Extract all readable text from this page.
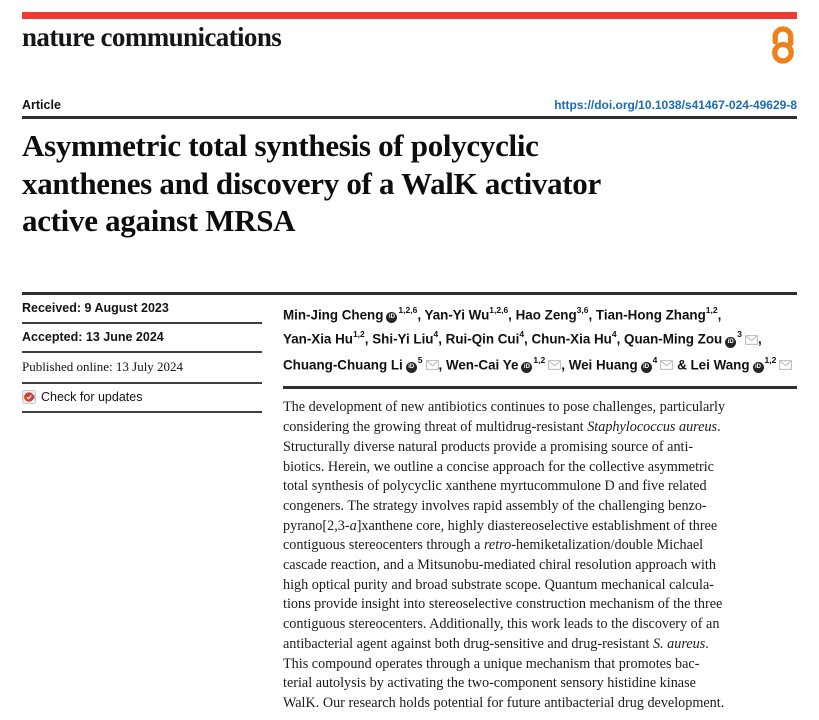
nature communications
Article	https://doi.org/10.1038/s41467-024-49629-8
Asymmetric total synthesis of polycyclic
xanthenes and discovery of a WalK activator
active against MRSA
Received: 9 August 2023
Accepted: 13 June 2024
Published online: 13 July 2024
Check for updates
Min-Jing Cheng iD$^{1,2,6}$, Yan-Yi Wu$^{1,2,6}$, Hao Zeng$^{3,6}$, Tian-Hong Zhang$^{1,2}$,
Yan-Xia Hu$^{1,2}$, Shi-Yi Liu$^4$, Rui-Qin Cui$^4$, Chun-Xia Hu$^4$, Quan-Ming Zou $iD^3$ ,
Chuang-Chuang Li $iD^5$ , Wen-Cai Ye iD$^{1,2}$ , Wei Huang $iD^4$ & Lei Wang iD$^{1,2}$
The development of new antibiotics continues to pose challenges, particularly
considering the growing threat of multidrug-resistant Staphylococcus aureus.
Structurally diverse natural products provide a promising source of anti-
biotics. Herein, we outline a concise approach for the collective asymmetric
total synthesis of polycyclic xanthene myrtucommulone D and five related
congeners. The strategy involves rapid assembly of the challenging benzo-
pyrano[2,3-a]xanthene core, highly diastereoselective establishment of three
contiguous stereocenters through a retro-hemiketalization/double Michael
cascade reaction, and a Mitsunobu-mediated chiral resolution approach with
high optical purity and broad substrate scope. Quantum mechanical calcula-
tions provide insight into stereoselective construction mechanism of the three
contiguous stereocenters. Additionally, this work leads to the discovery of an
antibacterial agent against both drug-sensitive and drug-resistant S. aureus.
This compound operates through a unique mechanism that promotes bac-
terial autolysis by activating the two-component sensory histidine kinase
WalK. Our research holds potential for future antibacterial drug development.
